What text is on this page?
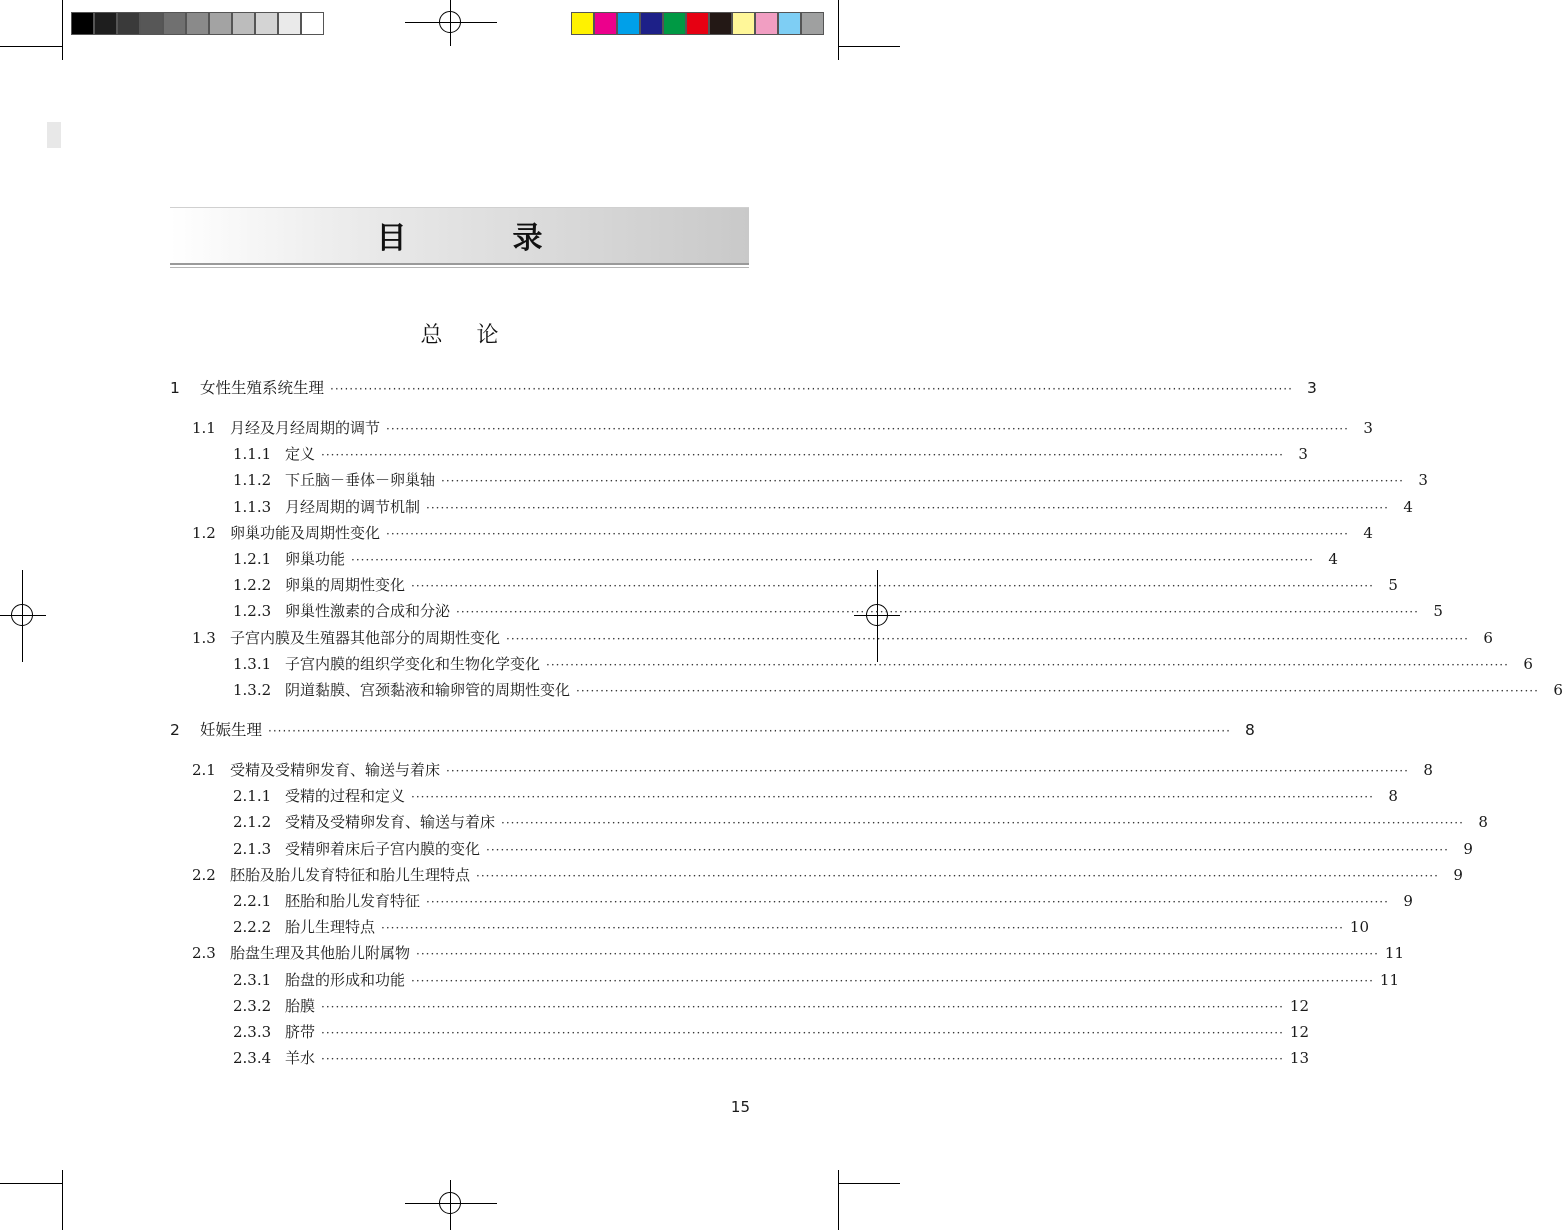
目　录
总论
1	女性生殖系统生理 ········································································································································································································ 3
1.1 月经及月经周期的调节 ········································································································································································································ 3
1.1.1 定义 ········································································································································································································ 3
1.1.2 下丘脑－垂体－卵巢轴 ········································································································································································································ 3
1.1.3 月经周期的调节机制 ········································································································································································································ 4
1.2 卵巢功能及周期性变化 ········································································································································································································ 4
1.2.1 卵巢功能 ········································································································································································································ 4
1.2.2 卵巢的周期性变化 ········································································································································································································ 5
1.2.3 卵巢性激素的合成和分泌 ········································································································································································································ 5
1.3 子宫内膜及生殖器其他部分的周期性变化 ········································································································································································································ 6
1.3.1 子宫内膜的组织学变化和生物化学变化 ········································································································································································································ 6
1.3.2 阴道黏膜、宫颈黏液和输卵管的周期性变化 ········································································································································································································ 6
2	妊娠生理 ········································································································································································································ 8
2.1 受精及受精卵发育、输送与着床 ········································································································································································································ 8
2.1.1 受精的过程和定义 ········································································································································································································ 8
2.1.2 受精及受精卵发育、输送与着床 ········································································································································································································ 8
2.1.3 受精卵着床后子宫内膜的变化 ········································································································································································································ 9
2.2 胚胎及胎儿发育特征和胎儿生理特点 ········································································································································································································ 9
2.2.1 胚胎和胎儿发育特征 ········································································································································································································ 9
2.2.2 胎儿生理特点 ········································································································································································································ 10
2.3 胎盘生理及其他胎儿附属物 ········································································································································································································ 11
2.3.1 胎盘的形成和功能 ········································································································································································································ 11
2.3.2 胎膜 ········································································································································································································ 12
2.3.3 脐带 ········································································································································································································ 12
2.3.4 羊水 ········································································································································································································ 13
15
